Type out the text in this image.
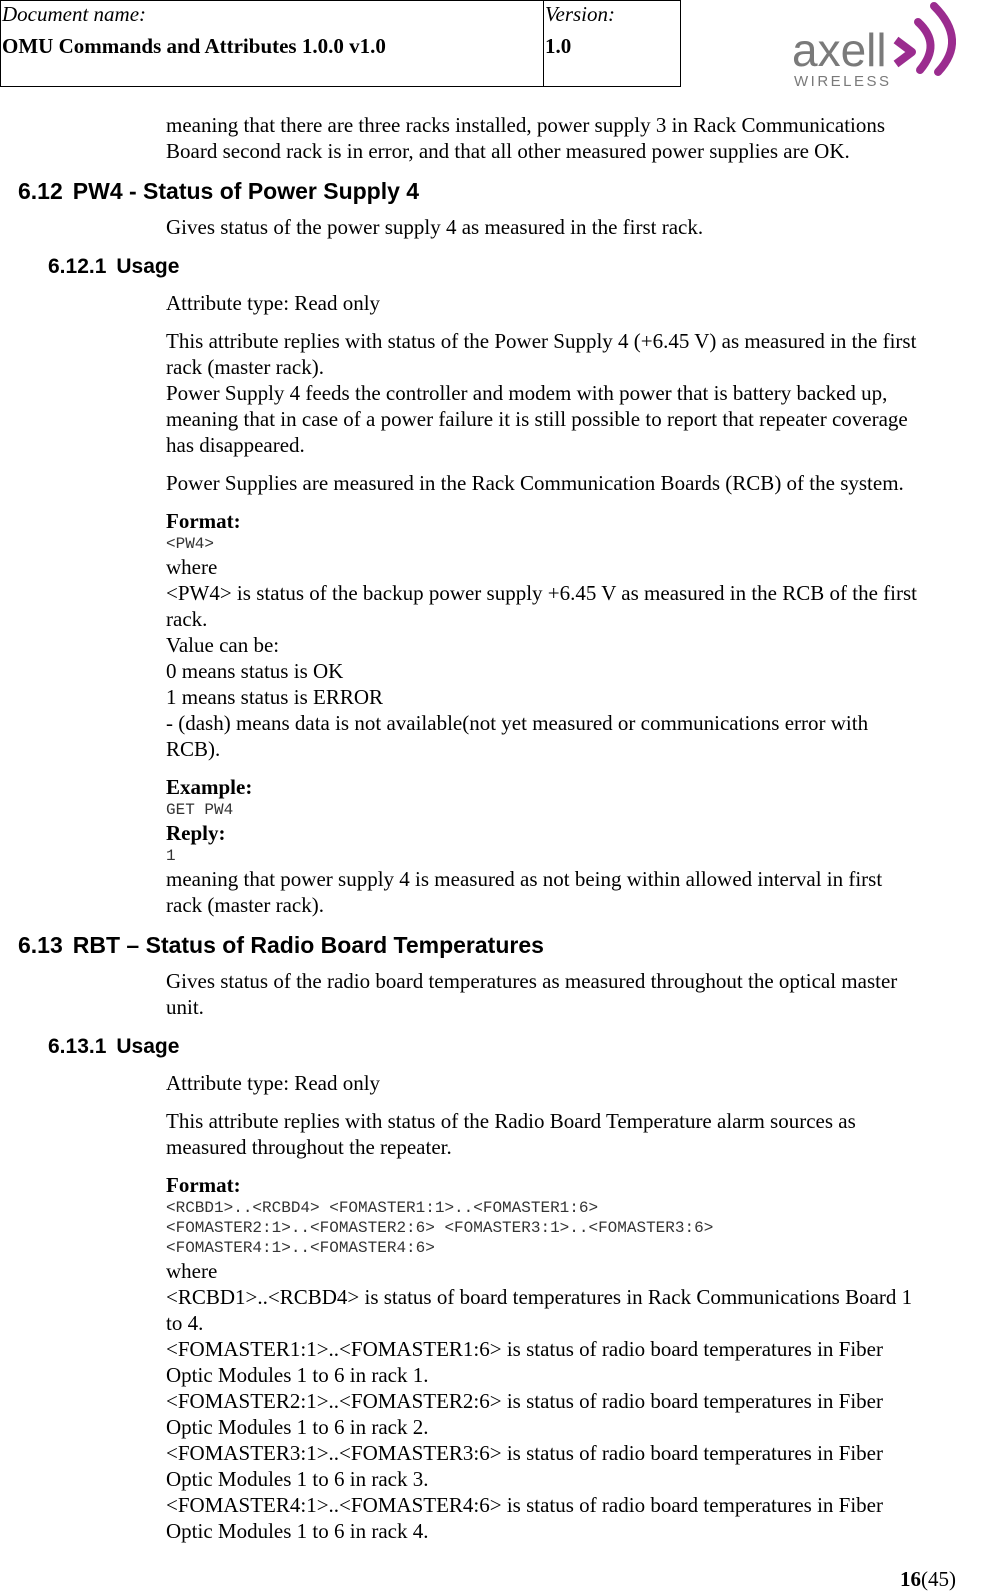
Document name:
OMU Commands and Attributes 1.0.0 v1.0

Version:
1.0	axell
WIRELESS

meaning that there are three racks installed, power supply 3 in Rack Communications

Board second rack is in error, and that all other measured power supplies are OK.

6.12 PW4 - Status of Power Supply 4

Gives status of the power supply 4 as measured in the first rack.

6.12.1 Usage

Attribute type: Read only

This attribute replies with status of the Power Supply 4 (+6.45 V) as measured in the first

rack (master rack).

Power Supply 4 feeds the controller and modem with power that is battery backed up,

meaning that in case of a power failure it is still possible to report that repeater coverage

has disappeared.

Power Supplies are measured in the Rack Communication Boards (RCB) of the system.

Format:

<PW4>

where

<PW4> is status of the backup power supply +6.45 V as measured in the RCB of the first

rack.

Value can be:

0 means status is OK

1 means status is ERROR

- (dash) means data is not available(not yet measured or communications error with

RCB).

Example:

GET PW4

Reply:

1

meaning that power supply 4 is measured as not being within allowed interval in first

rack (master rack).

6.13 RBT – Status of Radio Board Temperatures

Gives status of the radio board temperatures as measured throughout the optical master

unit.

6.13.1 Usage

Attribute type: Read only

This attribute replies with status of the Radio Board Temperature alarm sources as

measured throughout the repeater.

Format:

<RCBD1>..<RCBD4> <FOMASTER1:1>..<FOMASTER1:6>

<FOMASTER2:1>..<FOMASTER2:6> <FOMASTER3:1>..<FOMASTER3:6>

<FOMASTER4:1>..<FOMASTER4:6>

where

<RCBD1>..<RCBD4> is status of board temperatures in Rack Communications Board 1

to 4.

<FOMASTER1:1>..<FOMASTER1:6> is status of radio board temperatures in Fiber

Optic Modules 1 to 6 in rack 1.

<FOMASTER2:1>..<FOMASTER2:6> is status of radio board temperatures in Fiber

Optic Modules 1 to 6 in rack 2.

<FOMASTER3:1>..<FOMASTER3:6> is status of radio board temperatures in Fiber

Optic Modules 1 to 6 in rack 3.

<FOMASTER4:1>..<FOMASTER4:6> is status of radio board temperatures in Fiber

Optic Modules 1 to 6 in rack 4.

16(45)
